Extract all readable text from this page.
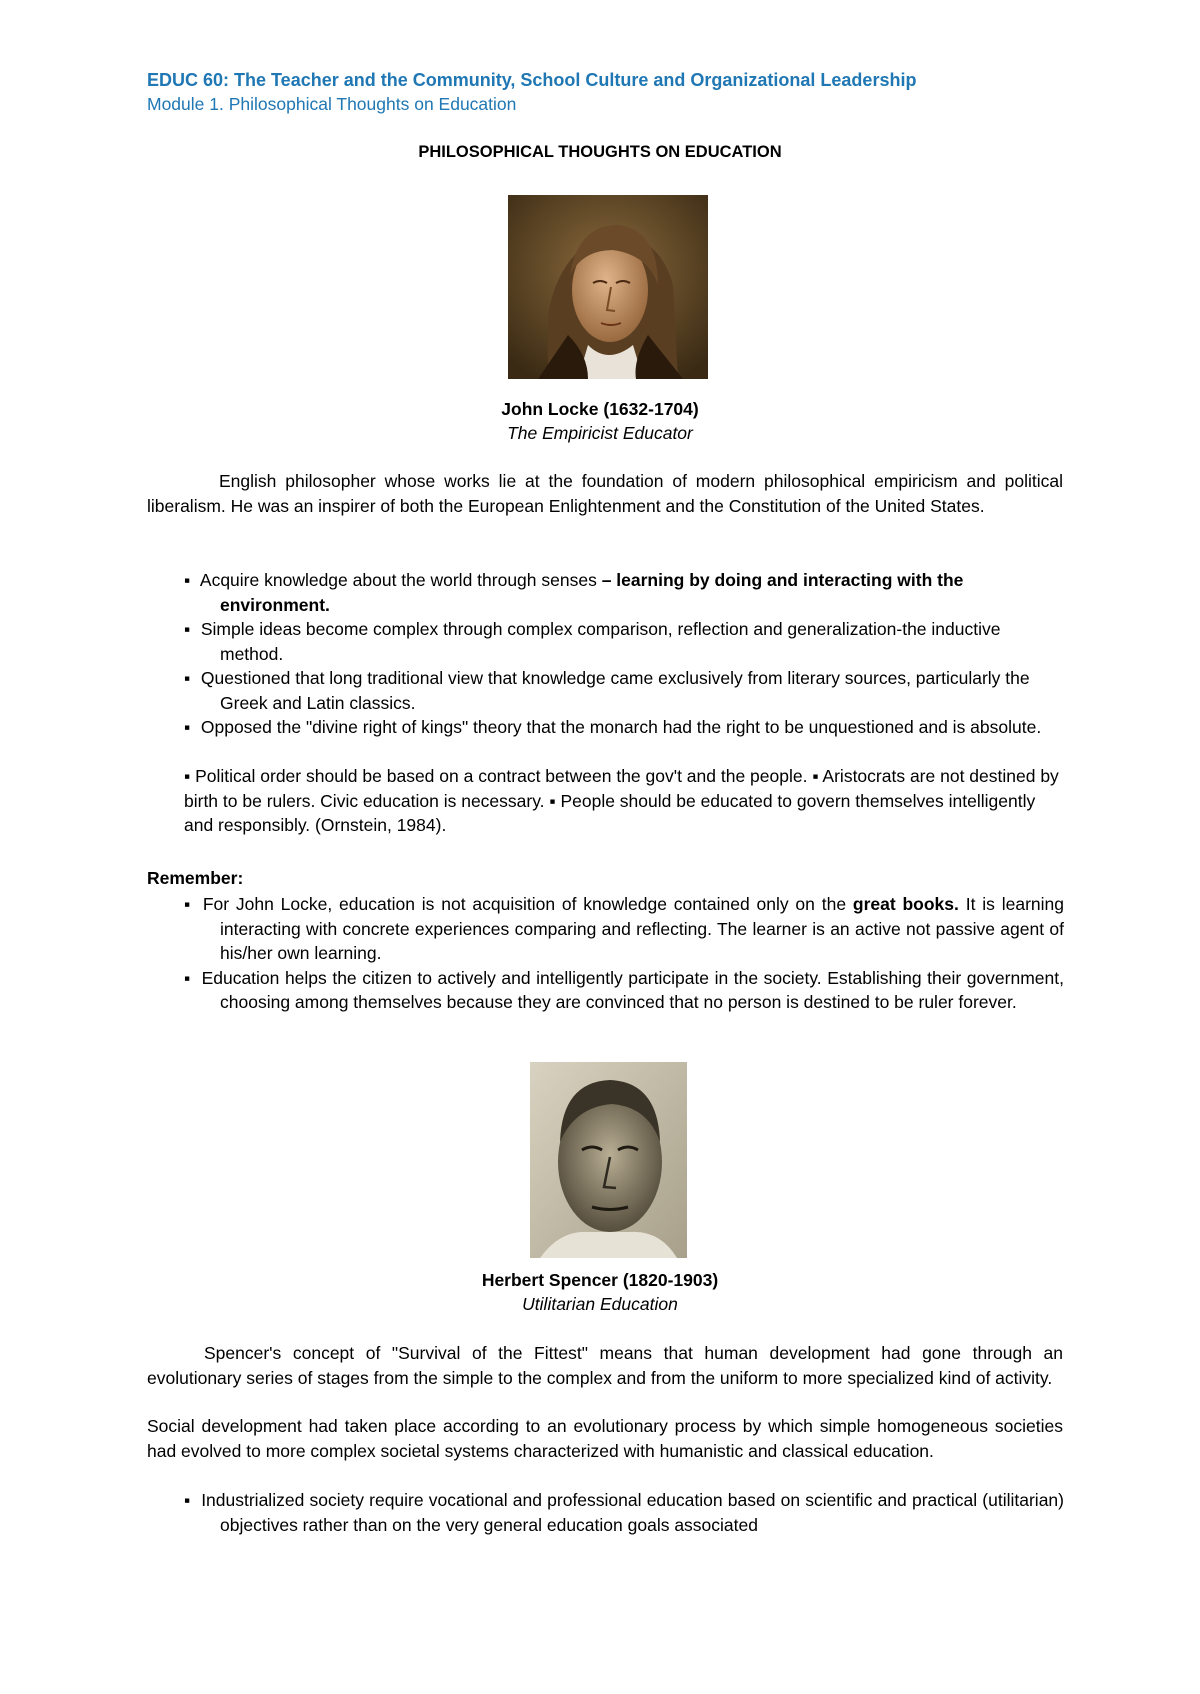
EDUC 60: The Teacher and the Community, School Culture and Organizational Leadership
Module 1. Philosophical Thoughts on Education
PHILOSOPHICAL THOUGHTS ON EDUCATION
John Locke (1632-1704)
The Empiricist Educator

English philosopher whose works lie at the foundation of modern philosophical empiricism and political liberalism. He was an inspirer of both the European Enlightenment and the Constitution of the United States.

▪ Acquire knowledge about the world through senses – learning by doing and interacting with the environment.
▪ Simple ideas become complex through complex comparison, reflection and generalization-the inductive method.
▪ Questioned that long traditional view that knowledge came exclusively from literary sources, particularly the Greek and Latin classics.
▪ Opposed the "divine right of kings" theory that the monarch had the right to be unquestioned and is absolute.

▪ Political order should be based on a contract between the gov't and the people. ▪ Aristocrats are not destined by birth to be rulers. Civic education is necessary. ▪ People should be educated to govern themselves intelligently and responsibly. (Ornstein, 1984).

Remember:
▪ For John Locke, education is not acquisition of knowledge contained only on the great books. It is learning interacting with concrete experiences comparing and reflecting. The learner is an active not passive agent of his/her own learning.
▪ Education helps the citizen to actively and intelligently participate in the society. Establishing their government, choosing among themselves because they are convinced that no person is destined to be ruler forever.
Herbert Spencer (1820-1903)
Utilitarian Education

Spencer's concept of "Survival of the Fittest" means that human development had gone through an evolutionary series of stages from the simple to the complex and from the uniform to more specialized kind of activity.

Social development had taken place according to an evolutionary process by which simple homogeneous societies had evolved to more complex societal systems characterized with humanistic and classical education.

▪ Industrialized society require vocational and professional education based on scientific and practical (utilitarian) objectives rather than on the very general education goals associated
